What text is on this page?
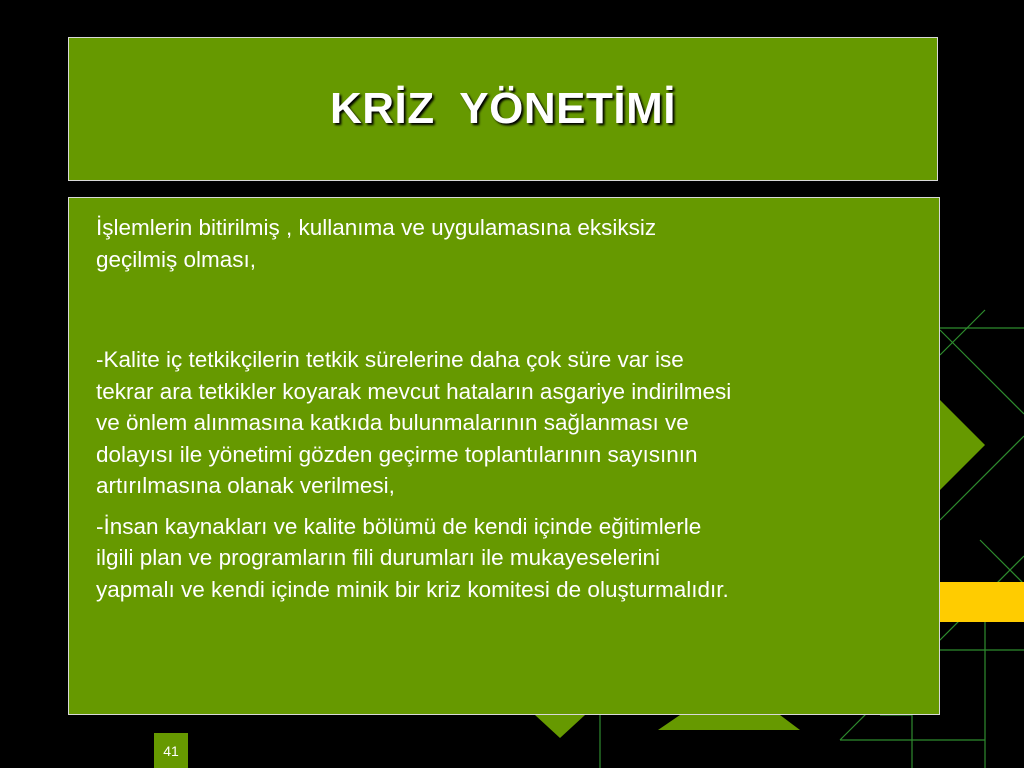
KRİZ  YÖNETİMİ

İşlemlerin bitirilmiş , kullanıma ve uygulamasına eksiksiz
geçilmiş olması,

-Kalite iç tetkikçilerin tetkik sürelerine daha çok süre var ise
tekrar ara tetkikler koyarak mevcut hataların asgariye indirilmesi
ve önlem alınmasına katkıda bulunmalarının sağlanması ve
dolayısı ile yönetimi gözden geçirme toplantılarının sayısının
artırılmasına olanak verilmesi,

-İnsan kaynakları ve kalite bölümü de kendi içinde eğitimlerle
ilgili plan ve programların fili durumları ile mukayeselerini
yapmalı ve kendi içinde minik bir kriz komitesi de oluşturmalıdır.

41
